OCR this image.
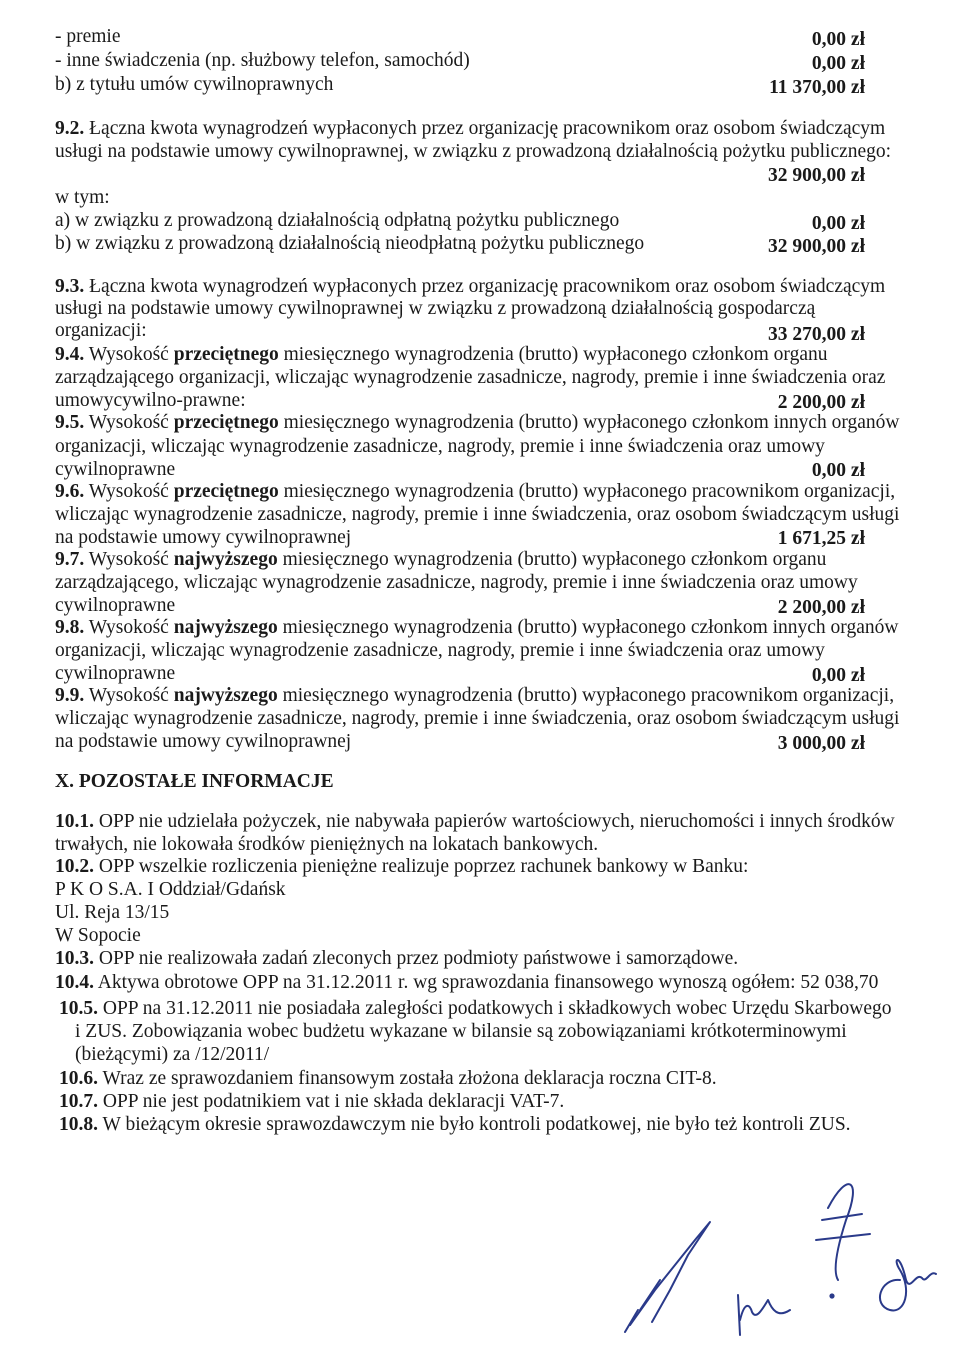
- premie	0,00 zł
- inne świadczenia (np. służbowy telefon, samochód)	0,00 zł
b) z tytułu umów cywilnoprawnych	11 370,00 zł
9.2. Łączna kwota wynagrodzeń wypłaconych przez organizację pracownikom oraz osobom świadczącym
usługi na podstawie umowy cywilnoprawnej, w związku z prowadzoną działalnością pożytku publicznego:
32 900,00 zł
w tym:
a) w związku z prowadzoną działalnością odpłatną pożytku publicznego	0,00 zł
b) w związku z prowadzoną działalnością nieodpłatną pożytku publicznego	32 900,00 zł
9.3. Łączna kwota wynagrodzeń wypłaconych przez organizację pracownikom oraz osobom świadczącym
usługi na podstawie umowy cywilnoprawnej w związku z prowadzoną działalnością gospodarczą
organizacji:	33 270,00 zł
9.4. Wysokość przeciętnego miesięcznego wynagrodzenia (brutto) wypłaconego członkom organu
zarządzającego organizacji, wliczając wynagrodzenie zasadnicze, nagrody, premie i inne świadczenia oraz
umowycywilno-prawne:	2 200,00 zł
9.5. Wysokość przeciętnego miesięcznego wynagrodzenia (brutto) wypłaconego członkom innych organów
organizacji, wliczając wynagrodzenie zasadnicze, nagrody, premie i inne świadczenia oraz umowy
cywilnoprawne	0,00 zł
9.6. Wysokość przeciętnego miesięcznego wynagrodzenia (brutto) wypłaconego pracownikom organizacji,
wliczając wynagrodzenie zasadnicze, nagrody, premie i inne świadczenia, oraz osobom świadczącym usługi
na podstawie umowy cywilnoprawnej	1 671,25 zł
9.7. Wysokość najwyższego miesięcznego wynagrodzenia (brutto) wypłaconego członkom organu
zarządzającego, wliczając wynagrodzenie zasadnicze, nagrody, premie i inne świadczenia oraz umowy
cywilnoprawne	2 200,00 zł
9.8. Wysokość najwyższego miesięcznego wynagrodzenia (brutto) wypłaconego członkom innych organów
organizacji, wliczając wynagrodzenie zasadnicze, nagrody, premie i inne świadczenia oraz umowy
cywilnoprawne	0,00 zł
9.9. Wysokość najwyższego miesięcznego wynagrodzenia (brutto) wypłaconego pracownikom organizacji,
wliczając wynagrodzenie zasadnicze, nagrody, premie i inne świadczenia, oraz osobom świadczącym usługi
na podstawie umowy cywilnoprawnej	3 000,00 zł
X. POZOSTAŁE INFORMACJE
10.1. OPP nie udzielała pożyczek, nie nabywała papierów wartościowych, nieruchomości i innych środków
trwałych, nie lokowała środków pieniężnych na lokatach bankowych.
10.2. OPP wszelkie rozliczenia pieniężne realizuje poprzez rachunek bankowy w Banku:
P K O S.A. I Oddział/Gdańsk
Ul. Reja 13/15
W Sopocie
10.3. OPP nie realizowała zadań zleconych przez podmioty państwowe i samorządowe.
10.4. Aktywa obrotowe OPP na 31.12.2011 r. wg sprawozdania finansowego wynoszą ogółem: 52 038,70
10.5. OPP na 31.12.2011 nie posiadała zaległości podatkowych i składkowych wobec Urzędu Skarbowego
i ZUS. Zobowiązania wobec budżetu wykazane w bilansie są zobowiązaniami krótkoterminowymi
(bieżącymi) za /12/2011/
10.6. Wraz ze sprawozdaniem finansowym została złożona deklaracja roczna CIT-8.
10.7. OPP nie jest podatnikiem vat i nie składa deklaracji VAT-7.
10.8. W bieżącym okresie sprawozdawczym nie było kontroli podatkowej, nie było też kontroli ZUS.
